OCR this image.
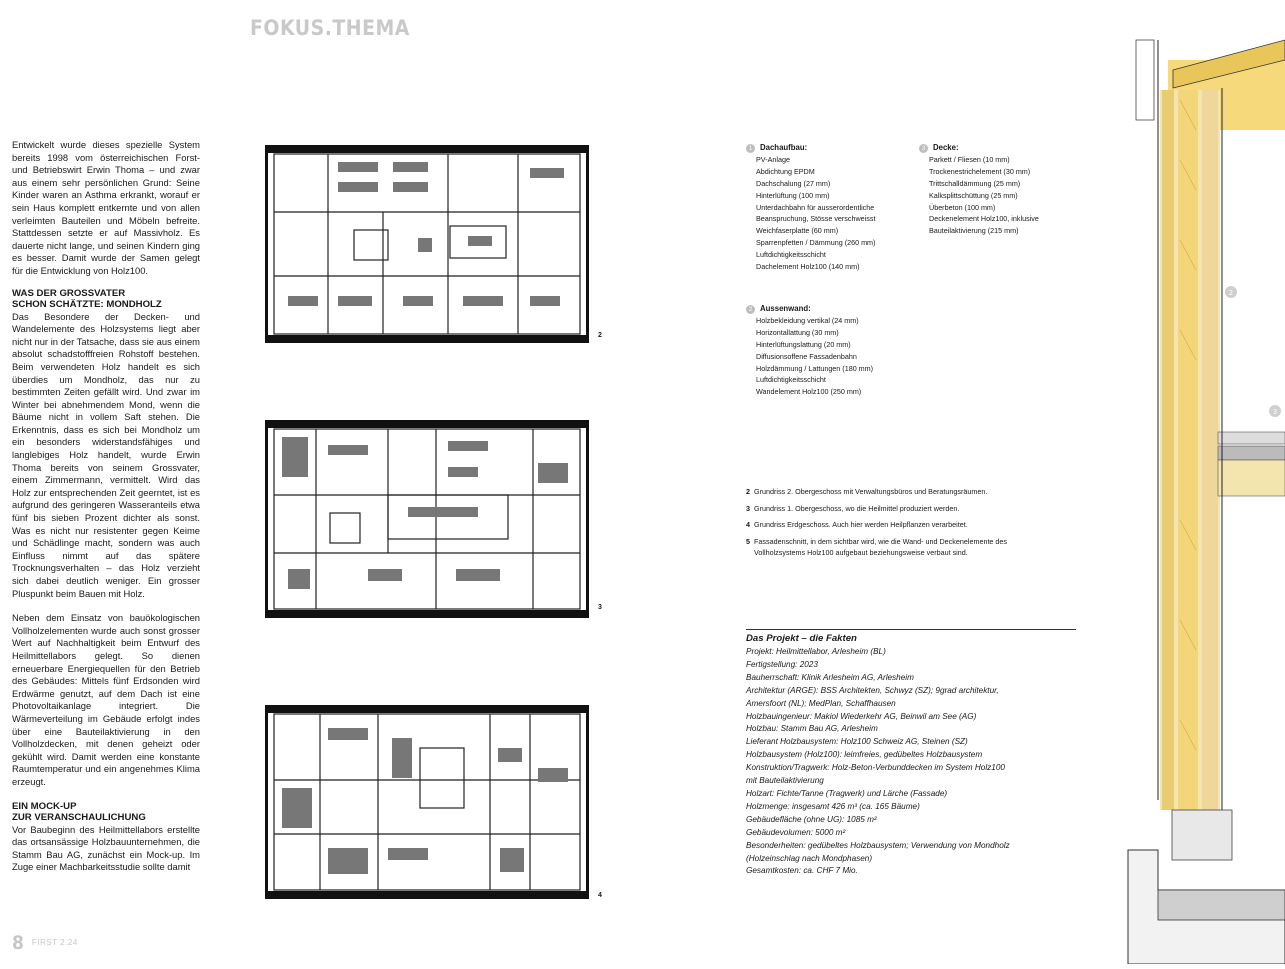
FOKUS.THEMA

Entwickelt wurde dieses spezielle System bereits 1998 vom österreichischen Forst- und Betriebswirt Erwin Thoma – und zwar aus einem sehr persönlichen Grund: Seine Kinder waren an Asthma erkrankt, worauf er sein Haus komplett entkernte und von allen verleimten Bauteilen und Möbeln befreite. Stattdessen setzte er auf Massivholz. Es dauerte nicht lange, und seinen Kindern ging es besser. Damit wurde der Samen gelegt für die Entwicklung von Holz100.

WAS DER GROSSVATER
SCHON SCHÄTZTE: MONDHOLZ

Das Besondere der Decken- und Wandelemente des Holzsystems liegt aber nicht nur in der Tatsache, dass sie aus einem absolut schadstofffreien Rohstoff bestehen. Beim verwendeten Holz handelt es sich überdies um Mondholz, das nur zu bestimmten Zeiten gefällt wird. Und zwar im Winter bei abnehmendem Mond, wenn die Bäume nicht in vollem Saft stehen. Die Erkenntnis, dass es sich bei Mondholz um ein besonders widerstandsfähiges und langlebiges Holz handelt, wurde Erwin Thoma bereits von seinem Grossvater, einem Zimmermann, vermittelt. Wird das Holz zur entsprechenden Zeit geerntet, ist es aufgrund des geringeren Wasseranteils etwa fünf bis sieben Prozent dichter als sonst. Was es nicht nur resistenter gegen Keime und Schädlinge macht, sondern was auch Einfluss nimmt auf das spätere Trocknungsverhalten – das Holz verzieht sich dabei deutlich weniger. Ein grosser Pluspunkt beim Bauen mit Holz.

Neben dem Einsatz von bauökologischen Vollholzelementen wurde auch sonst grosser Wert auf Nachhaltigkeit beim Entwurf des Heilmittellabors gelegt. So dienen erneuerbare Energiequellen für den Betrieb des Gebäudes: Mittels fünf Erdsonden wird Erdwärme genutzt, auf dem Dach ist eine Photovoltaikanlage integriert. Die Wärmeverteilung im Gebäude erfolgt indes über eine Bauteilaktivierung in den Vollholzdecken, mit denen geheizt oder gekühlt wird. Damit werden eine konstante Raumtemperatur und ein angenehmes Klima erzeugt.

EIN MOCK-UP
ZUR VERANSCHAULICHUNG

Vor Baubeginn des Heilmittellabors erstellte das ortsansässige Holzbauunternehmen, die Stamm Bau AG, zunächst ein Mock-up. Im Zuge einer Machbarkeitsstudie sollte damit

2
3
4
1 Dachaufbau:
PV-Anlage
Abdichtung EPDM
Dachschalung (27 mm)
Hinterlüftung (100 mm)
Unterdachbahn für ausserordentliche
Beanspruchung, Stösse verschweisst
Weichfaserplatte (60 mm)
Sparrenpfetten / Dämmung (260 mm)
Luftdichtigkeitsschicht
Dachelement Holz100 (140 mm)
2 Aussenwand:
Holzbekleidung vertikal (24 mm)
Horizontallattung (30 mm)
Hinterlüftungslattung (20 mm)
Diffusionsoffene Fassadenbahn
Holzdämmung / Lattungen (180 mm)
Luftdichtigkeitsschicht
Wandelement Holz100 (250 mm)
3 Decke:
Parkett / Fliesen (10 mm)
Trockenestrichelement (30 mm)
Trittschalldämmung (25 mm)
Kalksplittschüttung (25 mm)
Überbeton (100 mm)
Deckenelement Holz100, inklusive
Bauteilaktivierung (215 mm)
2 Grundriss 2. Obergeschoss mit Verwaltungsbüros und Beratungsräumen.
3 Grundriss 1. Obergeschoss, wo die Heilmittel produziert werden.
4 Grundriss Erdgeschoss. Auch hier werden Heilpflanzen verarbeitet.
5 Fassadenschnitt, in dem sichtbar wird, wie die Wand- und Deckenelemente des Vollholzsystems Holz100 aufgebaut beziehungsweise verbaut sind.
Das Projekt – die Fakten
Projekt: Heilmittellabor, Arlesheim (BL)
Fertigstellung: 2023
Bauherrschaft: Klinik Arlesheim AG, Arlesheim
Architektur (ARGE): BSS Architekten, Schwyz (SZ); 9grad architektur,
Amersfoort (NL); MedPlan, Schaffhausen
Holzbauingenieur: Makiol Wiederkehr AG, Beinwil am See (AG)
Holzbau: Stamm Bau AG, Arlesheim
Lieferant Holzbausystem: Holz100 Schweiz AG, Steinen (SZ)
Holzbausystem (Holz100): leimfreies, gedübeltes Holzbausystem
Konstruktion/Tragwerk: Holz-Beton-Verbunddecken im System Holz100
mit Bauteilaktivierung
Holzart: Fichte/Tanne (Tragwerk) und Lärche (Fassade)
Holzmenge: insgesamt 426 m³ (ca. 165 Bäume)
Gebäudefläche (ohne UG): 1085 m²
Gebäudevolumen: 5000 m²
Besonderheiten: gedübeltes Holzbausystem; Verwendung von Mondholz
(Holzeinschlag nach Mondphasen)
Gesamtkosten: ca. CHF 7 Mio.
2
3
8 $^{FIRST 2.24}$
